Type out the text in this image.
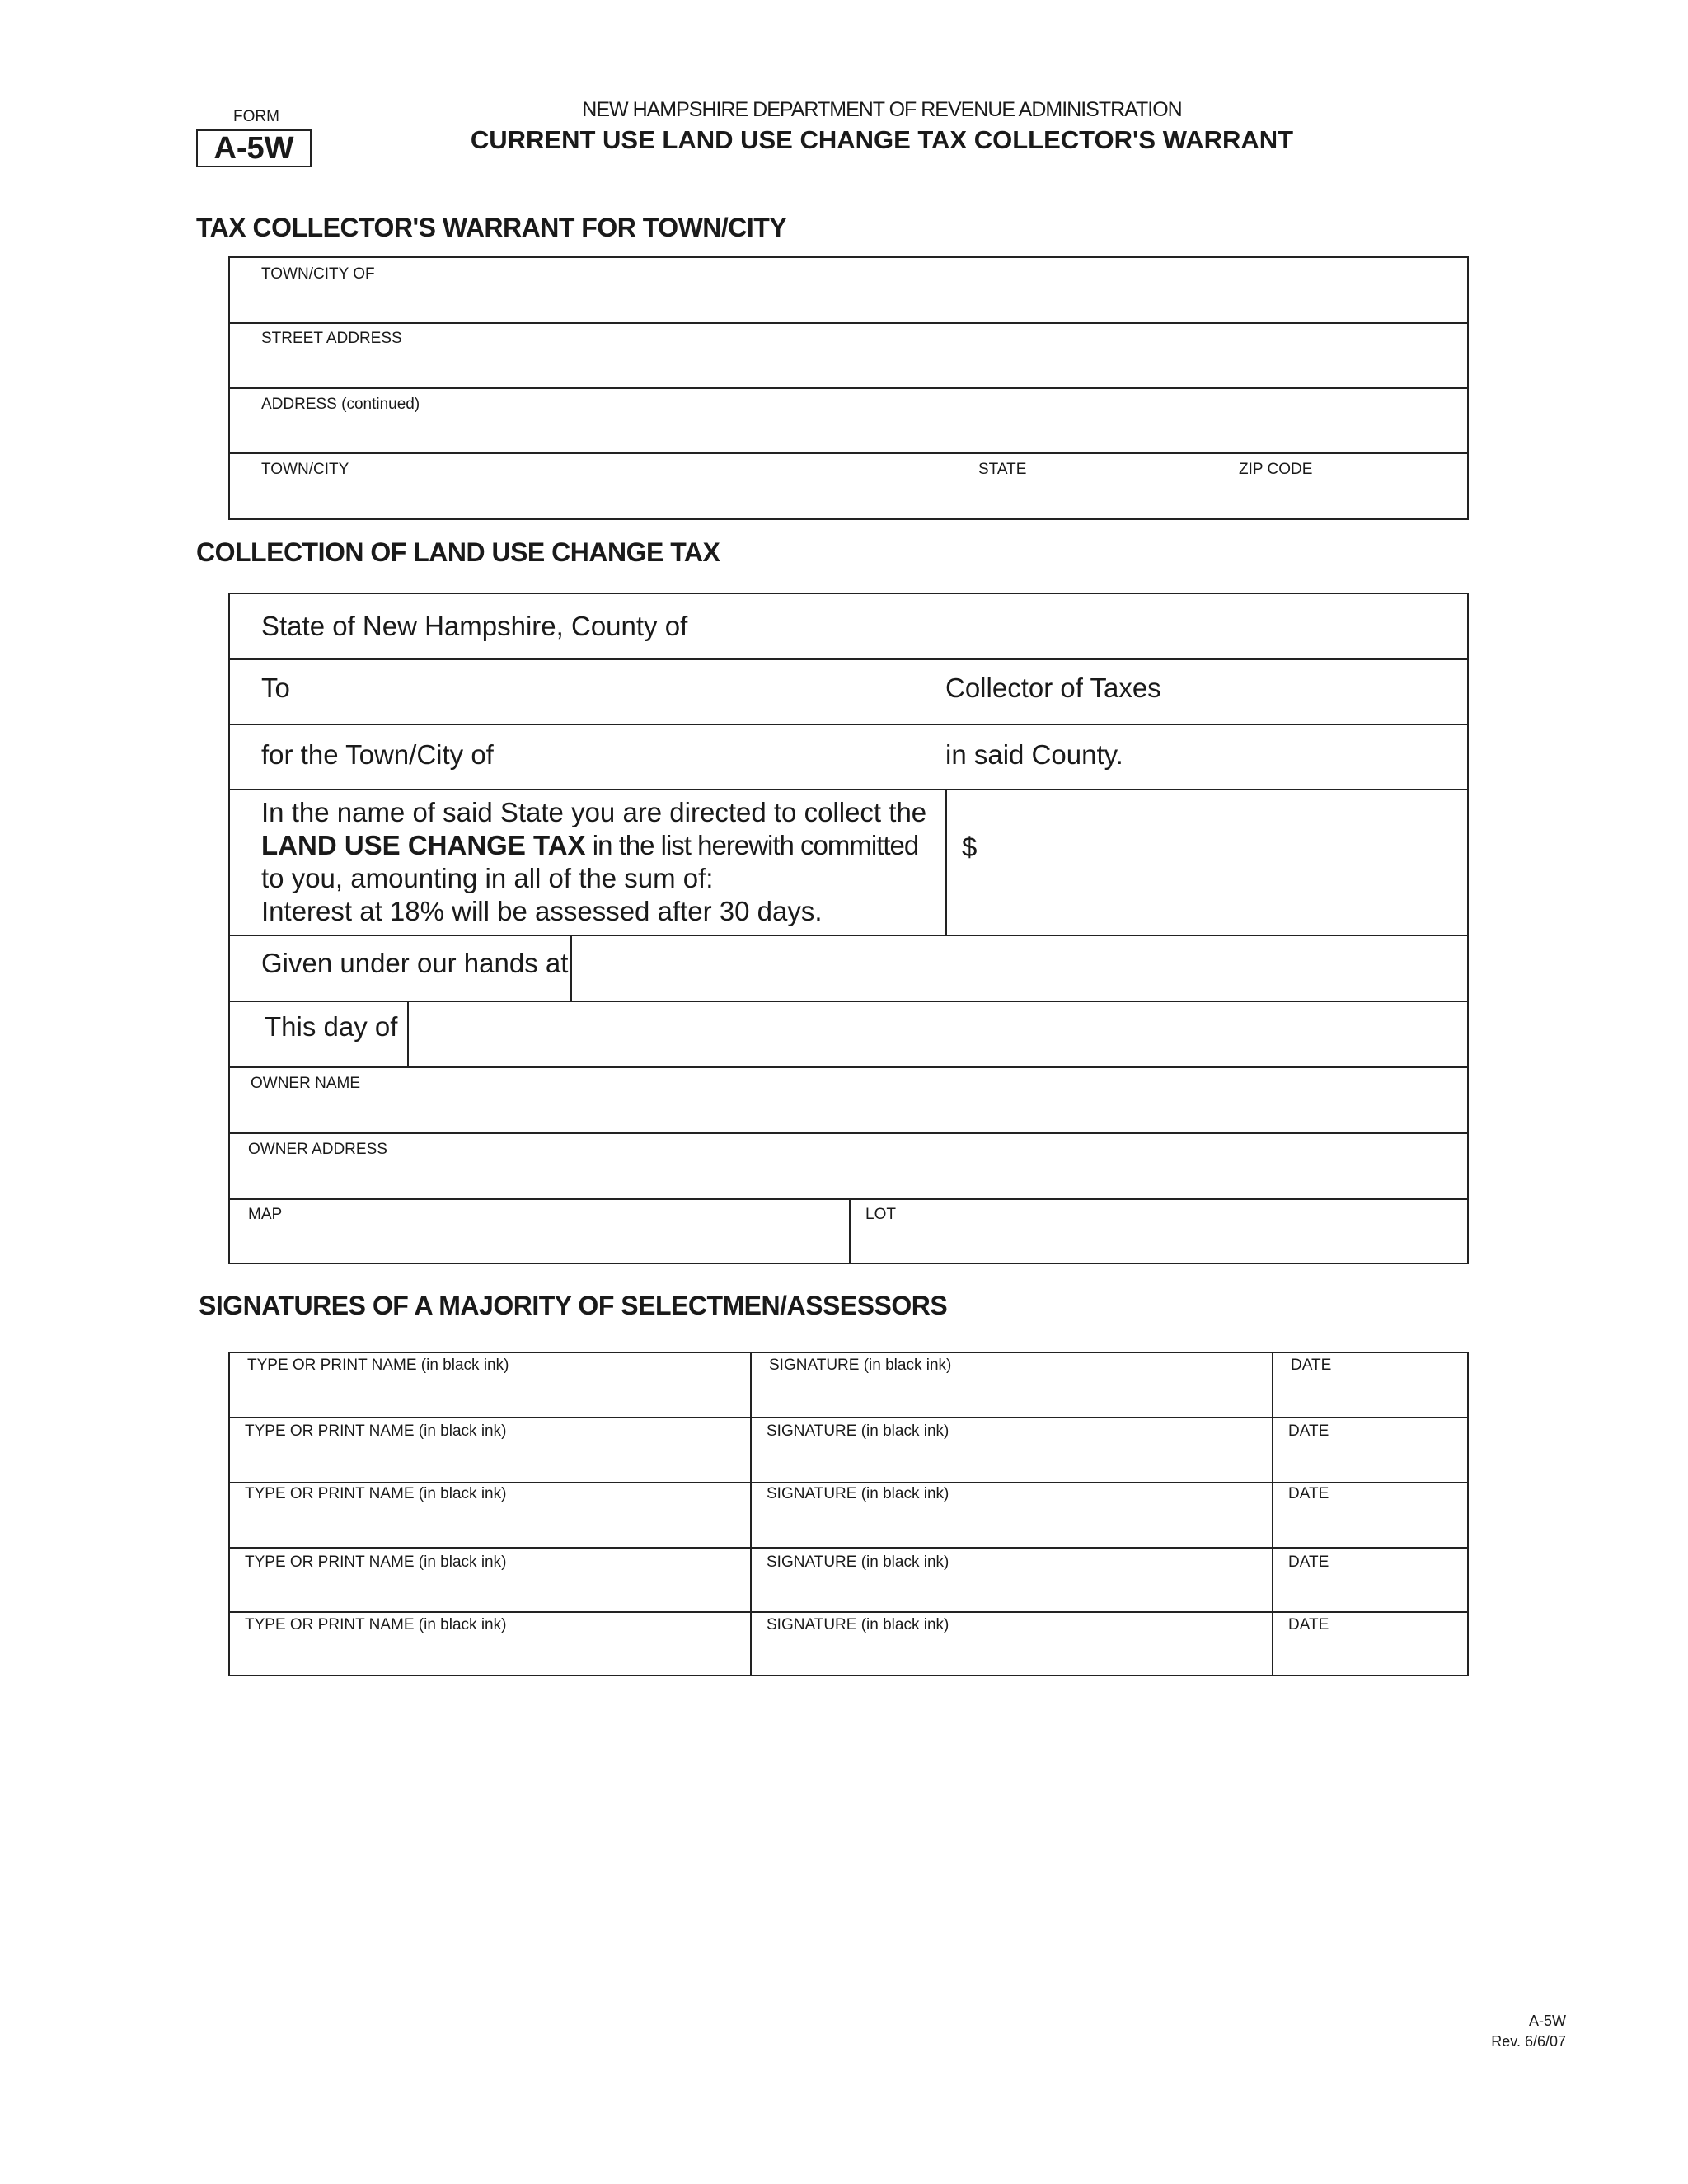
FORM
A-5W
NEW HAMPSHIRE DEPARTMENT OF REVENUE ADMINISTRATION
CURRENT USE LAND USE CHANGE TAX COLLECTOR'S WARRANT
TAX COLLECTOR'S WARRANT FOR TOWN/CITY
TOWN/CITY OF
STREET ADDRESS
ADDRESS (continued)
TOWN/CITY	STATE	ZIP CODE
COLLECTION OF LAND USE CHANGE TAX
State of New Hampshire, County of
To	Collector of Taxes
for the Town/City of	in said County.
In the name of said State you are directed to collect the
LAND USE CHANGE TAX in the list herewith committed
to you, amounting in all of the sum of:
Interest at 18% will be assessed after 30 days.
$
Given under our hands at
This day of
OWNER NAME
OWNER ADDRESS
MAP	LOT
SIGNATURES OF A MAJORITY OF SELECTMEN/ASSESSORS
TYPE OR PRINT NAME (in black ink)	SIGNATURE (in black ink)	DATE
TYPE OR PRINT NAME (in black ink)	SIGNATURE (in black ink)	DATE
TYPE OR PRINT NAME (in black ink)	SIGNATURE (in black ink)	DATE
TYPE OR PRINT NAME (in black ink)	SIGNATURE (in black ink)	DATE
TYPE OR PRINT NAME (in black ink)	SIGNATURE (in black ink)	DATE
A-5W
Rev. 6/6/07
